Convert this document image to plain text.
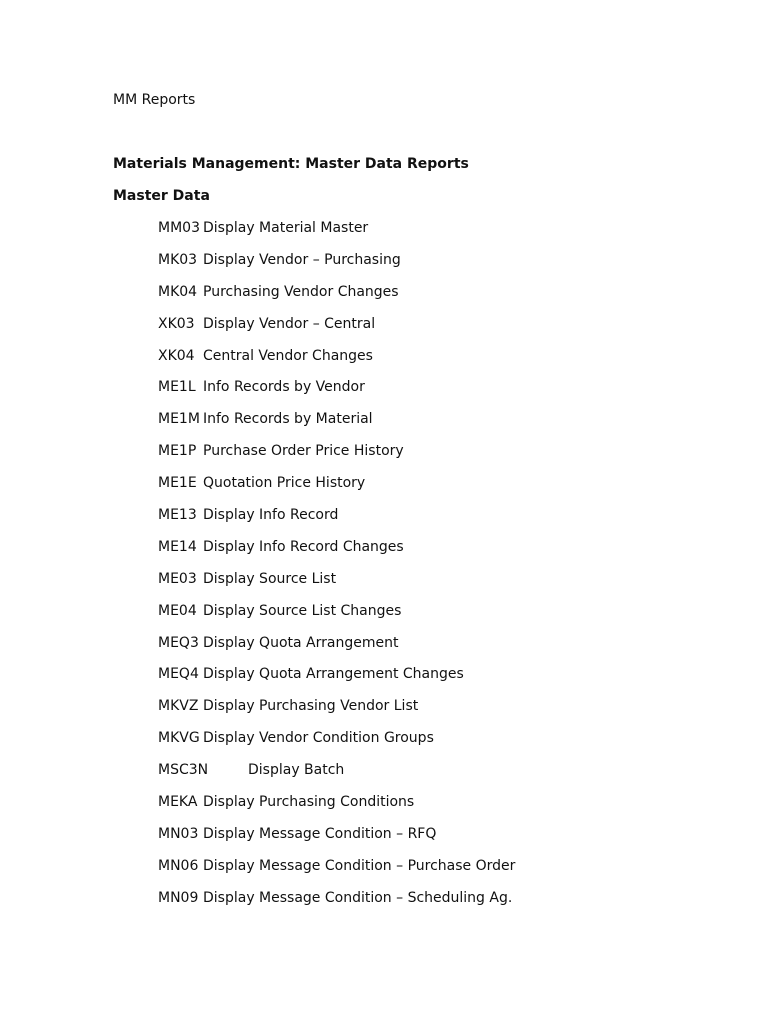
MM Reports
Materials Management: Master Data Reports
Master Data
MM03 Display Material Master
MK03 Display Vendor – Purchasing
MK04 Purchasing Vendor Changes
XK03 Display Vendor – Central
XK04 Central Vendor Changes
ME1L Info Records by Vendor
ME1M Info Records by Material
ME1P Purchase Order Price History
ME1E Quotation Price History
ME13 Display Info Record
ME14 Display Info Record Changes
ME03 Display Source List
ME04 Display Source List Changes
MEQ3 Display Quota Arrangement
MEQ4 Display Quota Arrangement Changes
MKVZ Display Purchasing Vendor List
MKVG Display Vendor Condition Groups
MSC3N	Display Batch
MEKA Display Purchasing Conditions
MN03 Display Message Condition – RFQ
MN06 Display Message Condition – Purchase Order
MN09 Display Message Condition – Scheduling Ag.
